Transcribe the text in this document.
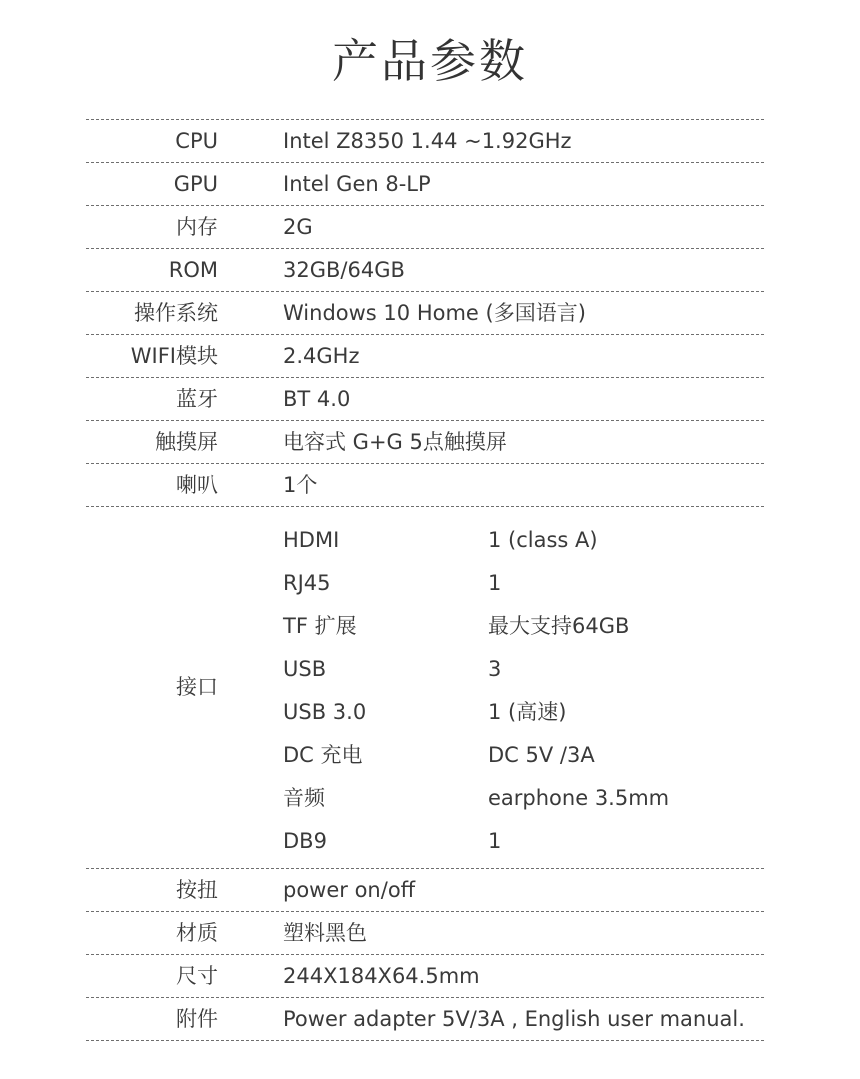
产品参数
CPU	Intel Z8350 1.44 ~1.92GHz
GPU	Intel Gen 8-LP
内存	2G
ROM	32GB/64GB
操作系统	Windows 10 Home (多国语言)
WIFI模块	2.4GHz
蓝牙	BT 4.0
触摸屏	电容式 G+G 5点触摸屏
喇叭	1个
接口
HDMI	1 (class A)
RJ45	1
TF 扩展	最大支持64GB
USB	3
USB 3.0	1 (高速)
DC 充电	DC 5V /3A
音频	earphone 3.5mm
DB9	1
按扭	power on/off
材质	塑料黑色
尺寸	244X184X64.5mm
附件	Power adapter 5V/3A , English user manual.
